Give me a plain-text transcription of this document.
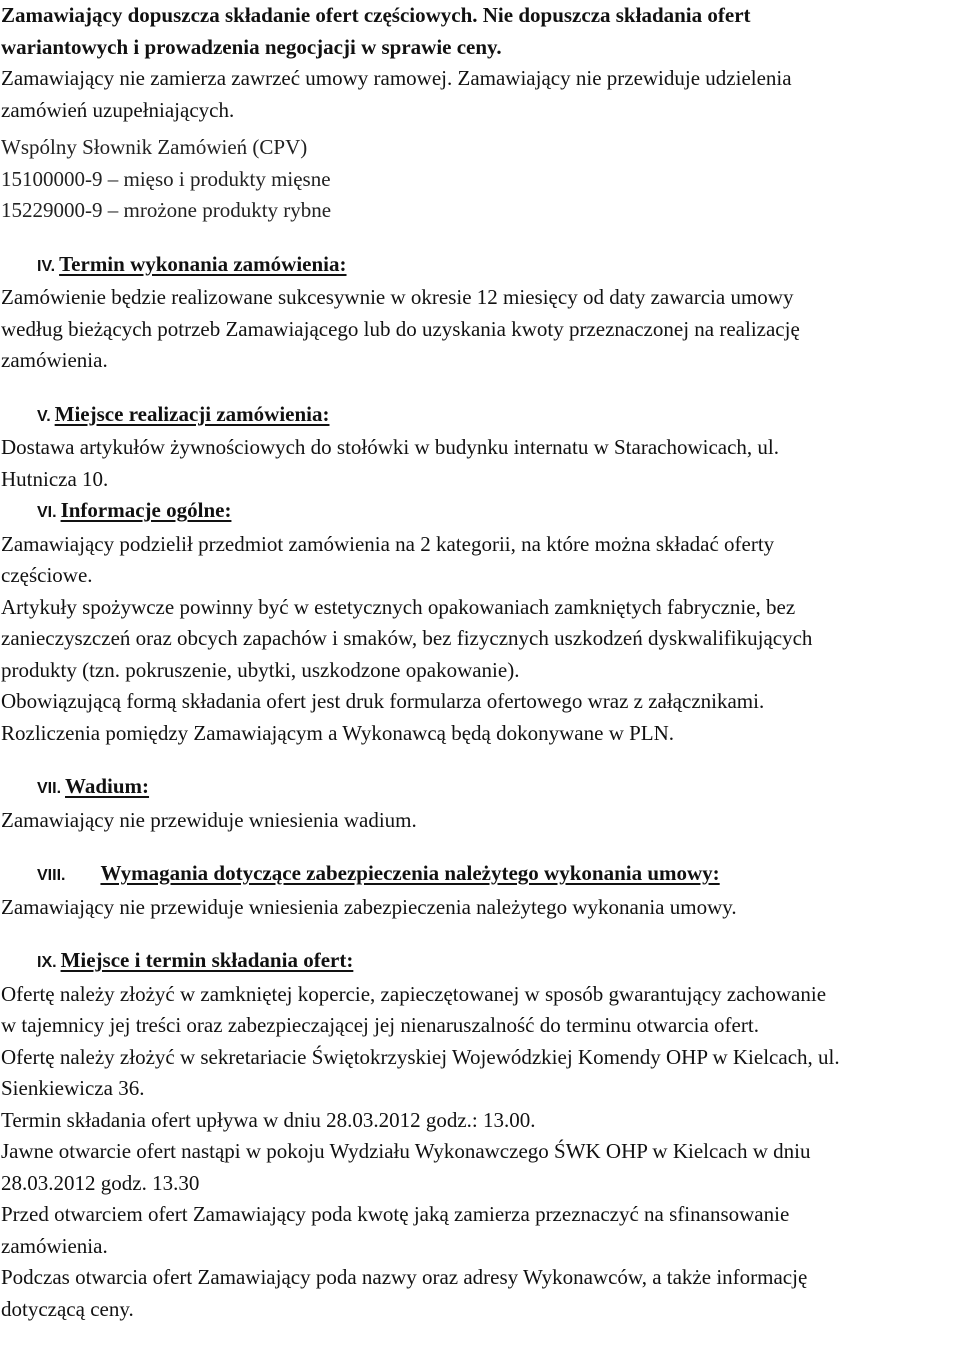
Zamawiający dopuszcza składanie ofert częściowych. Nie dopuszcza składania ofert

wariantowych i prowadzenia negocjacji w sprawie ceny.

Zamawiający nie zamierza zawrzeć umowy ramowej. Zamawiający nie przewiduje udzielenia

zamówień uzupełniających.

Wspólny Słownik Zamówień (CPV)

15100000-9 – mięso i produkty mięsne

15229000-9 – mrożone produkty rybne

IV. Termin wykonania zamówienia:

Zamówienie będzie realizowane sukcesywnie w okresie 12 miesięcy od daty zawarcia umowy

według bieżących potrzeb Zamawiającego lub do uzyskania kwoty przeznaczonej na realizację

zamówienia.

V. Miejsce realizacji zamówienia:

Dostawa artykułów żywnościowych do stołówki w budynku internatu w Starachowicach, ul.

Hutnicza 10.

VI. Informacje ogólne:

Zamawiający podzielił przedmiot zamówienia na 2 kategorii, na które można składać oferty

częściowe.

Artykuły spożywcze powinny być w estetycznych opakowaniach zamkniętych fabrycznie, bez

zanieczyszczeń oraz obcych zapachów i smaków, bez fizycznych uszkodzeń dyskwalifikujących

produkty (tzn. pokruszenie, ubytki, uszkodzone opakowanie).

Obowiązującą formą składania ofert jest druk formularza ofertowego wraz z załącznikami.

Rozliczenia pomiędzy Zamawiającym a Wykonawcą będą dokonywane w PLN.

VII. Wadium:

Zamawiający nie przewiduje wniesienia wadium.

VIII. Wymagania dotyczące zabezpieczenia należytego wykonania umowy:

Zamawiający nie przewiduje wniesienia zabezpieczenia należytego wykonania umowy.

IX. Miejsce i termin składania ofert:

Ofertę należy złożyć w zamkniętej kopercie, zapieczętowanej w sposób gwarantujący zachowanie

w tajemnicy jej treści oraz zabezpieczającej jej nienaruszalność do terminu otwarcia ofert.

Ofertę należy złożyć w sekretariacie Świętokrzyskiej Wojewódzkiej Komendy OHP w Kielcach, ul.

Sienkiewicza 36.

Termin składania ofert upływa w dniu 28.03.2012 godz.: 13.00.

Jawne otwarcie ofert nastąpi w pokoju Wydziału Wykonawczego ŚWK OHP w Kielcach w dniu

28.03.2012 godz. 13.30

Przed otwarciem ofert Zamawiający poda kwotę jaką zamierza przeznaczyć na sfinansowanie

zamówienia.

Podczas otwarcia ofert Zamawiający poda nazwy oraz adresy Wykonawców, a także informację

dotyczącą ceny.
